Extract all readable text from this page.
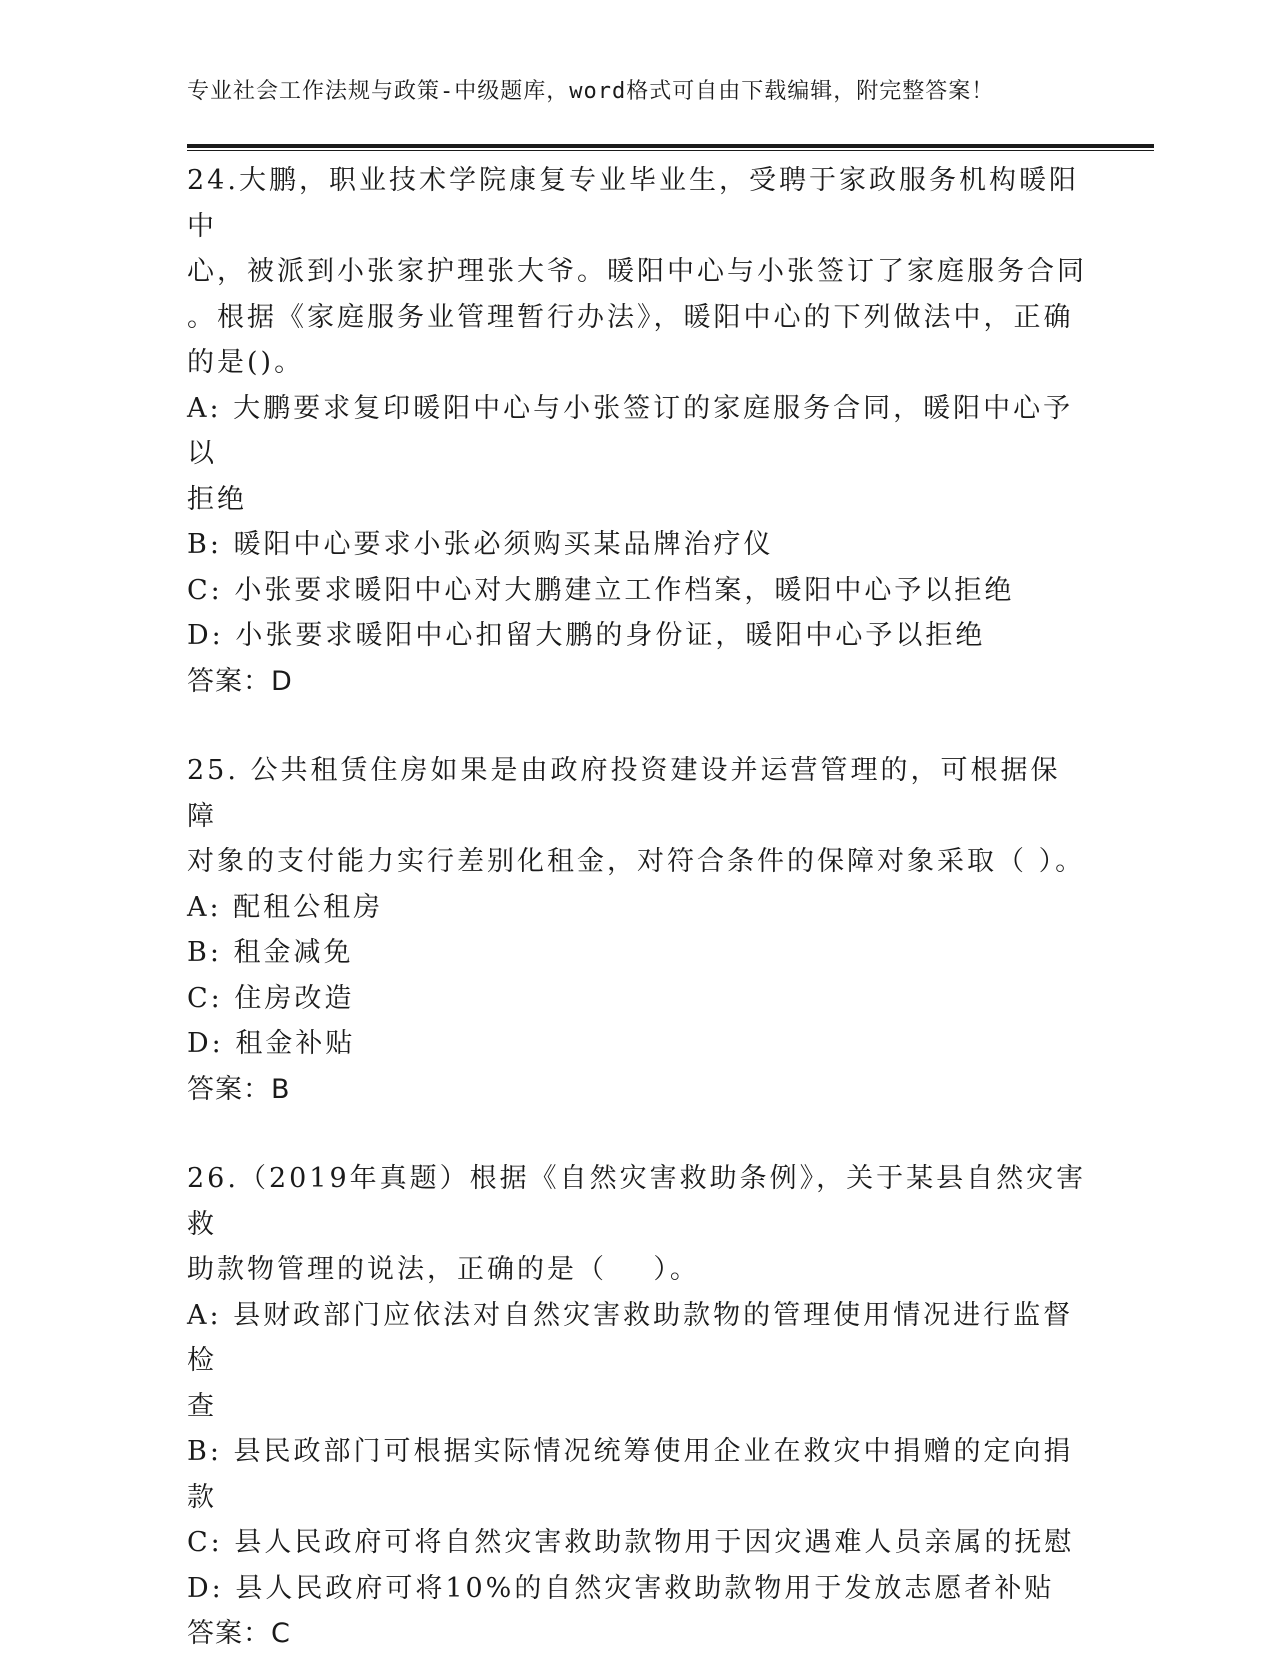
专业社会工作法规与政策-中级题库，word格式可自由下载编辑，附完整答案！
24.大鹏，职业技术学院康复专业毕业生，受聘于家政服务机构暖阳中
心，被派到小张家护理张大爷。暖阳中心与小张签订了家庭服务合同
。根据《家庭服务业管理暂行办法》，暖阳中心的下列做法中，正确
的是()。
A: 大鹏要求复印暖阳中心与小张签订的家庭服务合同，暖阳中心予以
拒绝
B: 暖阳中心要求小张必须购买某品牌治疗仪
C: 小张要求暖阳中心对大鹏建立工作档案，暖阳中心予以拒绝
D: 小张要求暖阳中心扣留大鹏的身份证，暖阳中心予以拒绝
答案：D
25. 公共租赁住房如果是由政府投资建设并运营管理的，可根据保障
对象的支付能力实行差别化租金，对符合条件的保障对象采取（ ）。
A: 配租公租房
B: 租金减免
C: 住房改造
D: 租金补贴
答案：B
26.（2019年真题）根据《自然灾害救助条例》，关于某县自然灾害救
助款物管理的说法，正确的是（    ）。
A: 县财政部门应依法对自然灾害救助款物的管理使用情况进行监督检
查
B: 县民政部门可根据实际情况统筹使用企业在救灾中捐赠的定向捐款
C: 县人民政府可将自然灾害救助款物用于因灾遇难人员亲属的抚慰
D: 县人民政府可将10%的自然灾害救助款物用于发放志愿者补贴
答案：C
